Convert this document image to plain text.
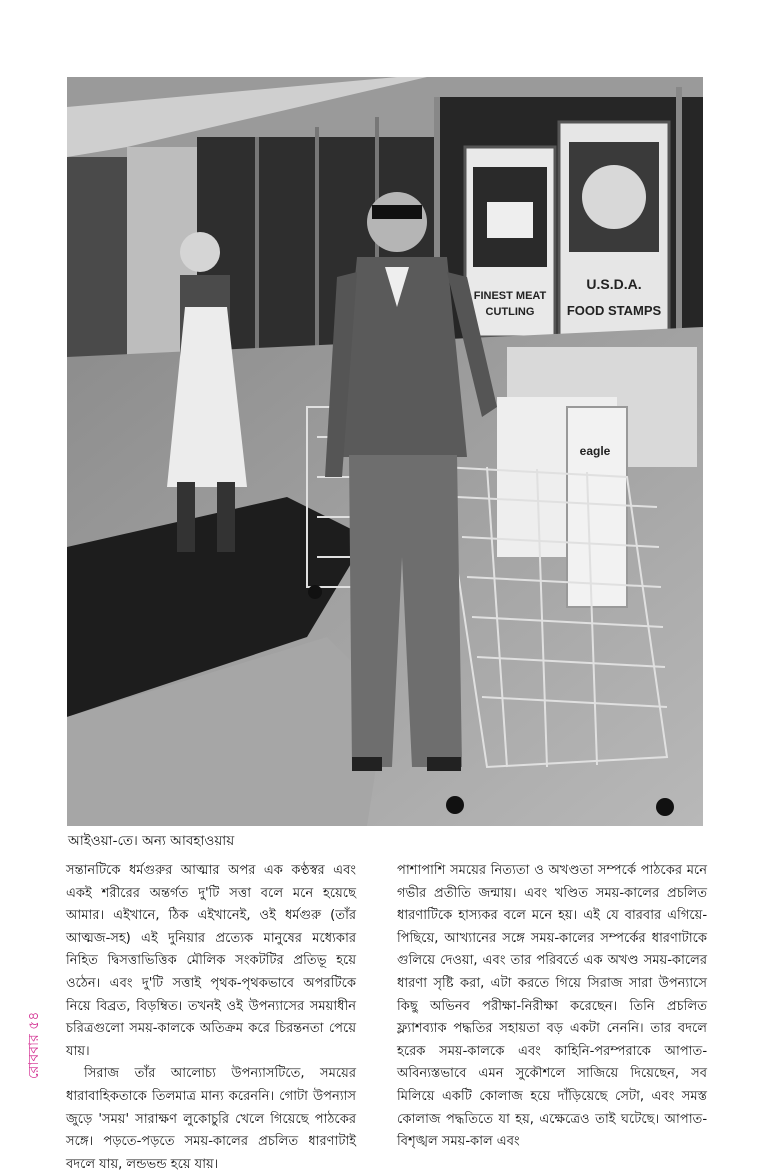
FINEST MEAT
CUTLING
U.S.D.A.
FOOD STAMPS
eagle
আইওয়া-তে। অন্য আবহাওয়ায়

সন্তানটিকে ধর্মগুরুর আত্মার অপর এক কণ্ঠস্বর এবং একই শরীরের অন্তর্গত দু'টি সত্তা বলে মনে হয়েছে আমার। এইখানে, ঠিক এইখানেই, ওই ধর্মগুরু (তাঁর আত্মজ-সহ) এই দুনিয়ার প্রত্যেক মানুষের মধ্যেকার নিহিত দ্বিসত্তাভিত্তিক মৌলিক সংকটটির প্রতিভূ হয়ে ওঠেন। এবং দু'টি সত্তাই পৃথক-পৃথকভাবে অপরটিকে নিয়ে বিব্রত, বিড়ম্বিত। তখনই ওই উপন্যাসের সময়াধীন চরিত্রগুলো সময়-কালকে অতিক্রম করে চিরন্তনতা পেয়ে যায়।

সিরাজ তাঁর আলোচ্য উপন্যাসটিতে, সময়ের ধারাবাহিকতাকে তিলমাত্র মান্য করেননি। গোটা উপন্যাস জুড়ে 'সময়' সারাক্ষণ লুকোচুরি খেলে গিয়েছে পাঠকের সঙ্গে। পড়তে-পড়তে সময়-কালের প্রচলিত ধারণাটাই বদলে যায়, লন্ডভন্ড হয়ে যায়।

পাশাপাশি সময়ের নিত্যতা ও অখণ্ডতা সম্পর্কে পাঠকের মনে গভীর প্রতীতি জন্মায়। এবং খণ্ডিত সময়-কালের প্রচলিত ধারণাটিকে হাস্যকর বলে মনে হয়। এই যে বারবার এগিয়ে-পিছিয়ে, আখ্যানের সঙ্গে সময়-কালের সম্পর্কের ধারণাটাকে গুলিয়ে দেওয়া, এবং তার পরিবর্তে এক অখণ্ড সময়-কালের ধারণা সৃষ্টি করা, এটা করতে গিয়ে সিরাজ সারা উপন্যাসে কিছু অভিনব পরীক্ষা-নিরীক্ষা করেছেন। তিনি প্রচলিত ফ্ল্যাশব্যাক পদ্ধতির সহায়তা বড় একটা নেননি। তার বদলে হরেক সময়-কালকে এবং কাহিনি-পরম্পরাকে আপাত-অবিন্যস্তভাবে এমন সুকৌশলে সাজিয়ে দিয়েছেন, সব মিলিয়ে একটি কোলাজ হয়ে দাঁড়িয়েছে সেটা, এবং সমস্ত কোলাজ পদ্ধতিতে যা হয়, এক্ষেত্রেও তাই ঘটেছে। আপাত-বিশৃঙ্খল সময়-কাল এবং

রোববার ৫৪
